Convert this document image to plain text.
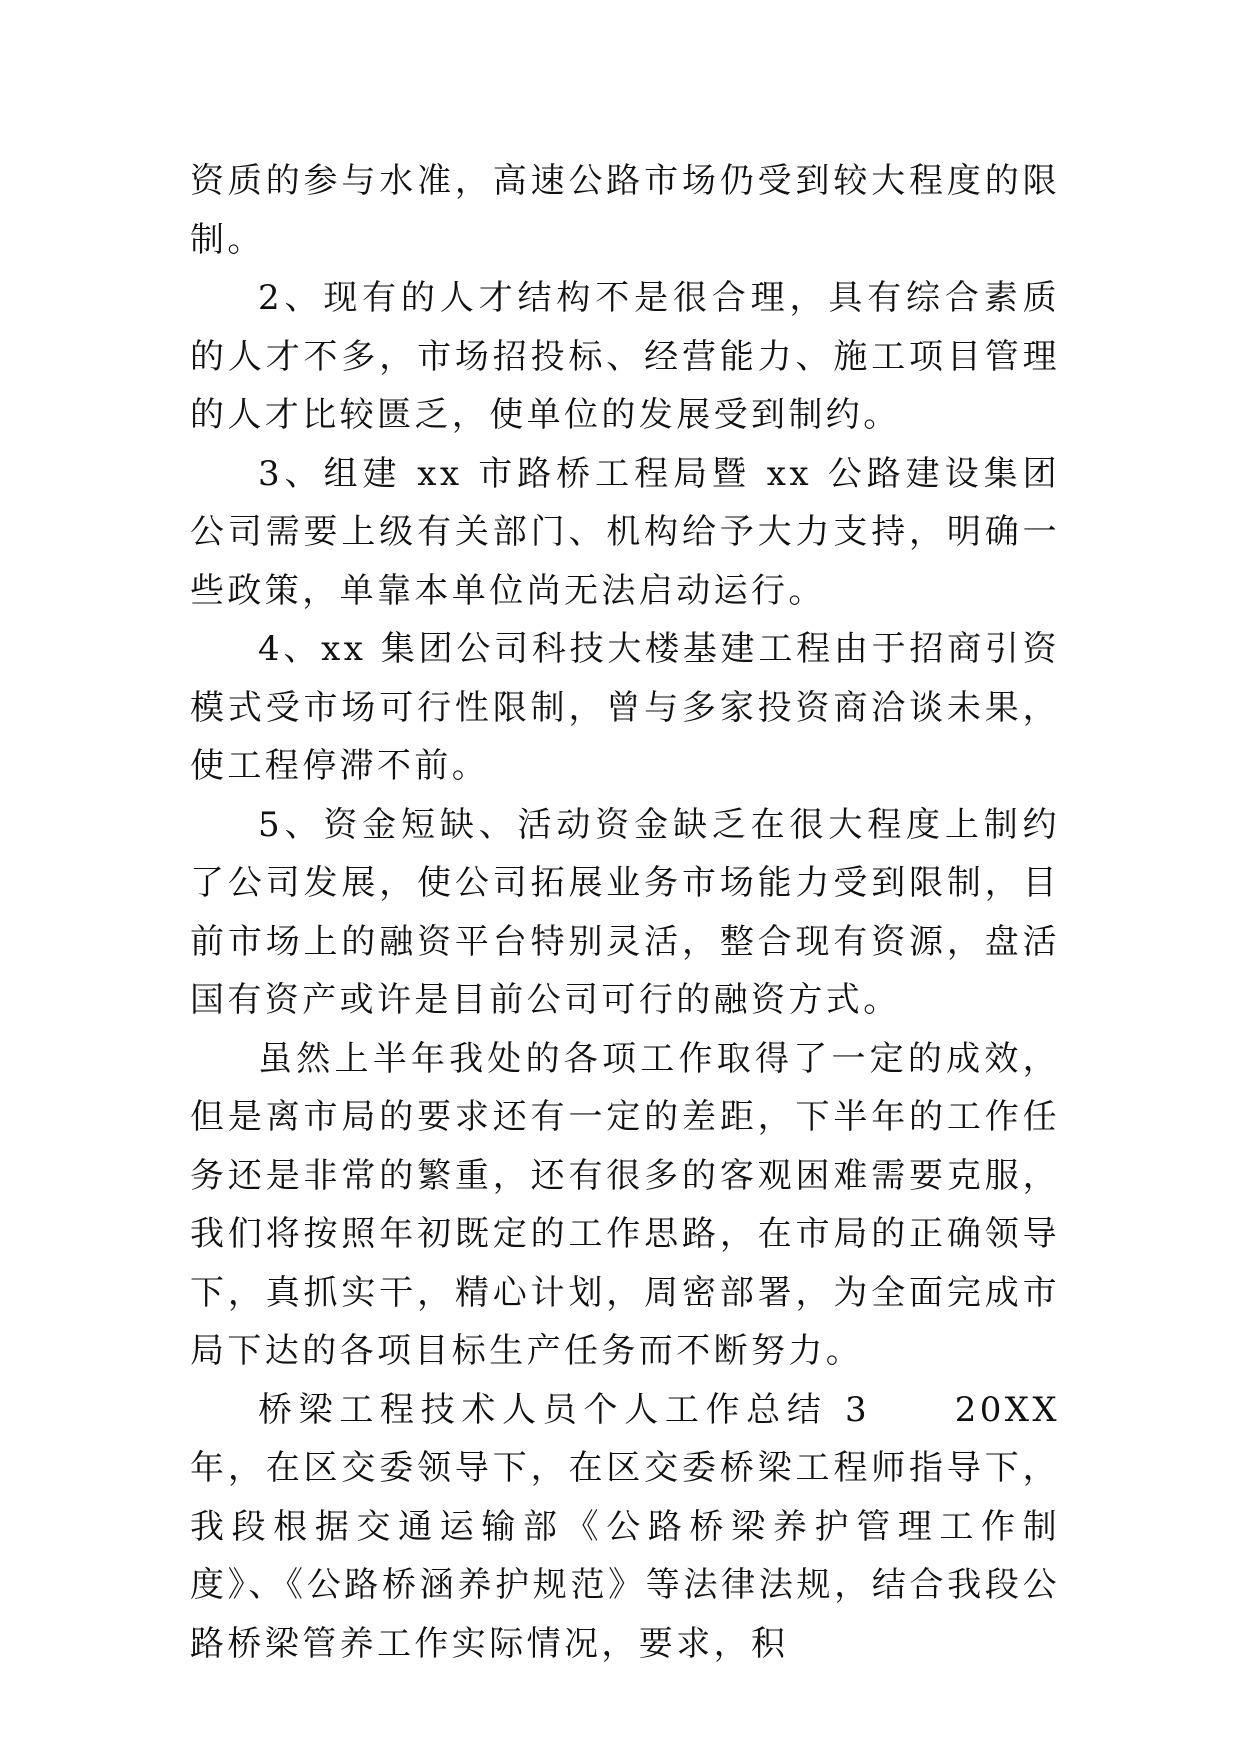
资质的参与水准，高速公路市场仍受到较大程度的限制。

2、现有的人才结构不是很合理，具有综合素质的人才不多，市场招投标、经营能力、施工项目管理的人才比较匮乏，使单位的发展受到制约。

3、组建 xx 市路桥工程局暨 xx 公路建设集团公司需要上级有关部门、机构给予大力支持，明确一些政策，单靠本单位尚无法启动运行。

4、xx 集团公司科技大楼基建工程由于招商引资模式受市场可行性限制，曾与多家投资商洽谈未果，使工程停滞不前。

5、资金短缺、活动资金缺乏在很大程度上制约了公司发展，使公司拓展业务市场能力受到限制，目前市场上的融资平台特别灵活，整合现有资源，盘活国有资产或许是目前公司可行的融资方式。

虽然上半年我处的各项工作取得了一定的成效，但是离市局的要求还有一定的差距，下半年的工作任务还是非常的繁重，还有很多的客观困难需要克服，我们将按照年初既定的工作思路，在市局的正确领导下，真抓实干，精心计划，周密部署，为全面完成市局下达的各项目标生产任务而不断努力。

桥梁工程技术人员个人工作总结 3　　20XX 年，在区交委领导下，在区交委桥梁工程师指导下，我段根据交通运输部《公路桥梁养护管理工作制度》、《公路桥涵养护规范》等法律法规，结合我段公路桥梁管养工作实际情况，要求，积
